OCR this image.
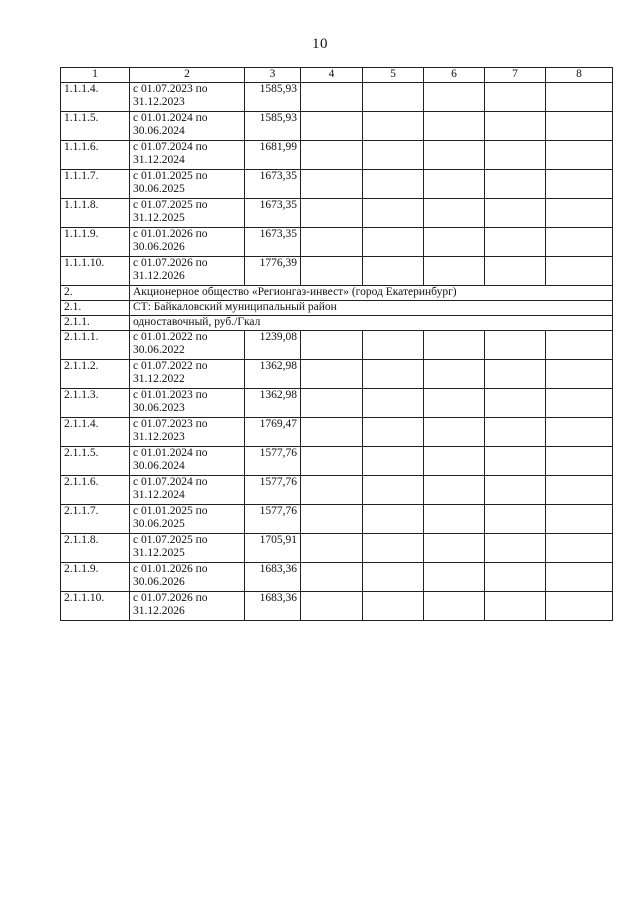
10
1	2	3	4	5	6	7	8
1.1.1.4.	с 01.07.2023 по 31.12.2023	1585,93					
1.1.1.5.	с 01.01.2024 по 30.06.2024	1585,93					
1.1.1.6.	с 01.07.2024 по 31.12.2024	1681,99					
1.1.1.7.	с 01.01.2025 по 30.06.2025	1673,35					
1.1.1.8.	с 01.07.2025 по 31.12.2025	1673,35					
1.1.1.9.	с 01.01.2026 по 30.06.2026	1673,35					
1.1.1.10.	с 01.07.2026 по 31.12.2026	1776,39					
2.	Акционерное общество «Регионгаз-инвест» (город Екатеринбург)						
2.1.	СТ: Байкаловский муниципальный район						
2.1.1.	одноставочный, руб./Гкал						
2.1.1.1.	с 01.01.2022 по 30.06.2022	1239,08					
2.1.1.2.	с 01.07.2022 по 31.12.2022	1362,98					
2.1.1.3.	с 01.01.2023 по 30.06.2023	1362,98					
2.1.1.4.	с 01.07.2023 по 31.12.2023	1769,47					
2.1.1.5.	с 01.01.2024 по 30.06.2024	1577,76					
2.1.1.6.	с 01.07.2024 по 31.12.2024	1577,76					
2.1.1.7.	с 01.01.2025 по 30.06.2025	1577,76					
2.1.1.8.	с 01.07.2025 по 31.12.2025	1705,91					
2.1.1.9.	с 01.01.2026 по 30.06.2026	1683,36					
2.1.1.10.	с 01.07.2026 по 31.12.2026	1683,36					
